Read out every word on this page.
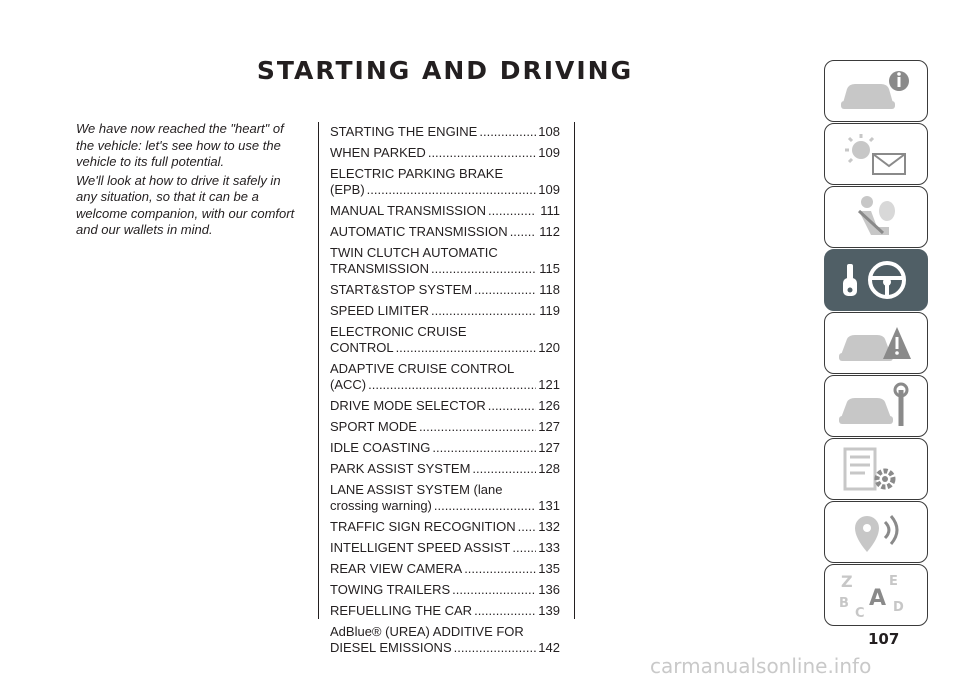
STARTING AND DRIVING

We have now reached the "heart" of the vehicle: let's see how to use the vehicle to its full potential.

We'll look at how to drive it safely in any situation, so that it can be a welcome companion, with our comfort and our wallets in mind.

STARTING THE ENGINE .....	108
WHEN PARKED .....	109
ELECTRIC PARKING BRAKE
(EPB) .....	109
MANUAL TRANSMISSION .....	111
AUTOMATIC TRANSMISSION ..... 112
TWIN CLUTCH AUTOMATIC
TRANSMISSION .....	115
START&STOP SYSTEM .....	118
SPEED LIMITER .....	119
ELECTRONIC CRUISE
CONTROL .....	120
ADAPTIVE CRUISE CONTROL
(ACC) .....	121
DRIVE MODE SELECTOR .....	126
SPORT MODE .....	127
IDLE COASTING .....	127
PARK ASSIST SYSTEM .....	128
LANE ASSIST SYSTEM (lane
crossing warning) .....	131
TRAFFIC SIGN RECOGNITION ..... 132
INTELLIGENT SPEED ASSIST ..... 133
REAR VIEW CAMERA .....	135
TOWING TRAILERS .....	136
REFUELLING THE CAR .....	139
AdBlue® (UREA) ADDITIVE FOR
DIESEL EMISSIONS .....	142
Z	E
B
C D
A
107
carmanualsonline.info
